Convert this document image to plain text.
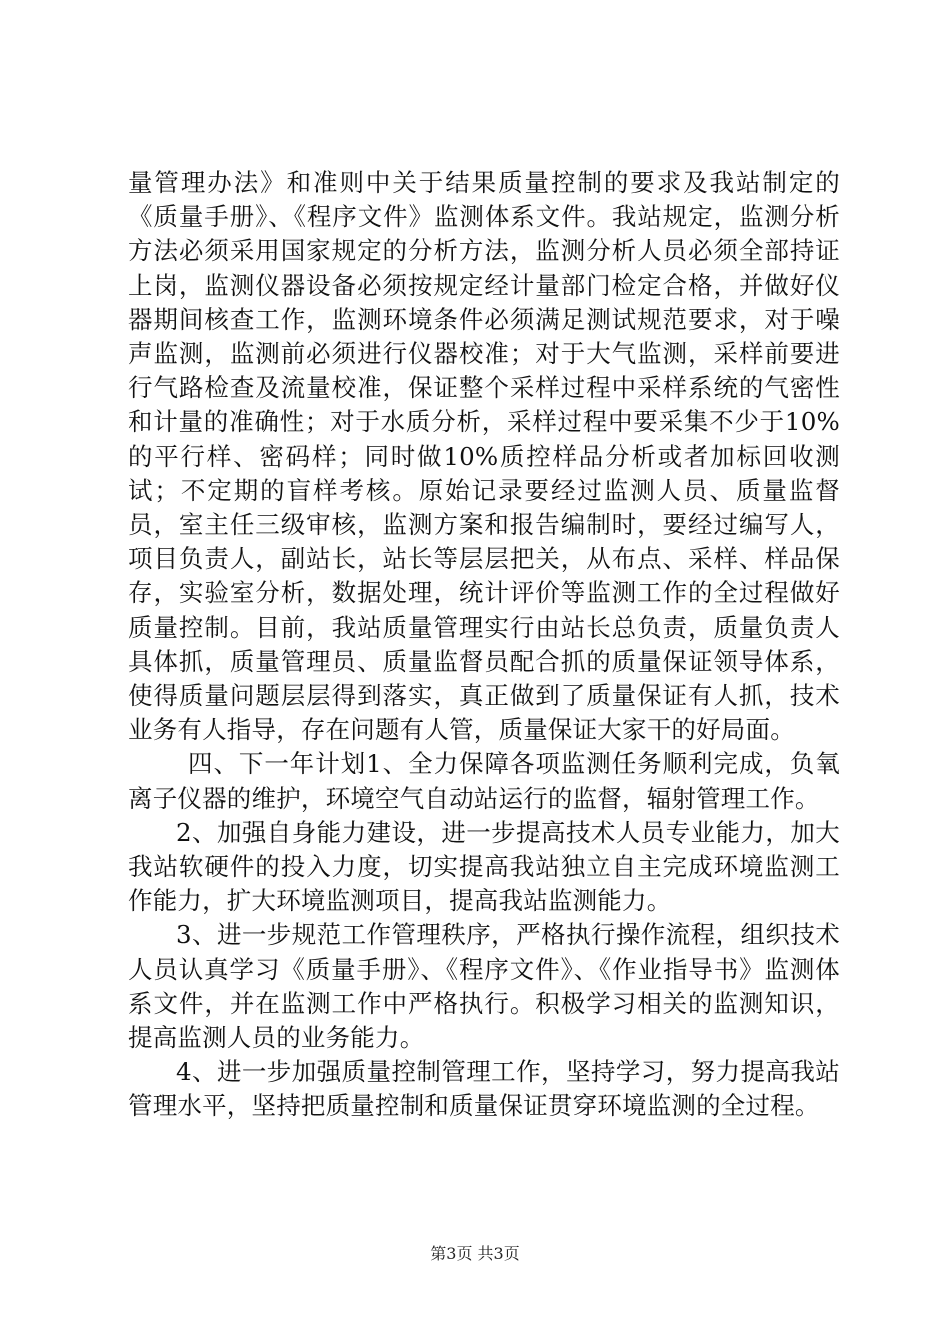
量管理办法》和准则中关于结果质量控制的要求及我站制定的《质量手册》、《程序文件》监测体系文件。我站规定，监测分析方法必须采用国家规定的分析方法，监测分析人员必须全部持证上岗，监测仪器设备必须按规定经计量部门检定合格，并做好仪器期间核查工作，监测环境条件必须满足测试规范要求，对于噪声监测，监测前必须进行仪器校准；对于大气监测，采样前要进行气路检查及流量校准，保证整个采样过程中采样系统的气密性和计量的准确性；对于水质分析，采样过程中要采集不少于10%的平行样、密码样；同时做10%质控样品分析或者加标回收测试；不定期的盲样考核。原始记录要经过监测人员、质量监督员，室主任三级审核，监测方案和报告编制时，要经过编写人，项目负责人，副站长，站长等层层把关，从布点、采样、样品保存，实验室分析，数据处理，统计评价等监测工作的全过程做好质量控制。目前，我站质量管理实行由站长总负责，质量负责人具体抓，质量管理员、质量监督员配合抓的质量保证领导体系，使得质量问题层层得到落实，真正做到了质量保证有人抓，技术业务有人指导，存在问题有人管，质量保证大家干的好局面。

四、下一年计划1、全力保障各项监测任务顺利完成，负氧离子仪器的维护，环境空气自动站运行的监督，辐射管理工作。

2、加强自身能力建设，进一步提高技术人员专业能力，加大我站软硬件的投入力度，切实提高我站独立自主完成环境监测工作能力，扩大环境监测项目，提高我站监测能力。

3、进一步规范工作管理秩序，严格执行操作流程，组织技术人员认真学习《质量手册》、《程序文件》、《作业指导书》监测体系文件，并在监测工作中严格执行。积极学习相关的监测知识，提高监测人员的业务能力。

4、进一步加强质量控制管理工作，坚持学习，努力提高我站管理水平，坚持把质量控制和质量保证贯穿环境监测的全过程。

第3页 共3页
